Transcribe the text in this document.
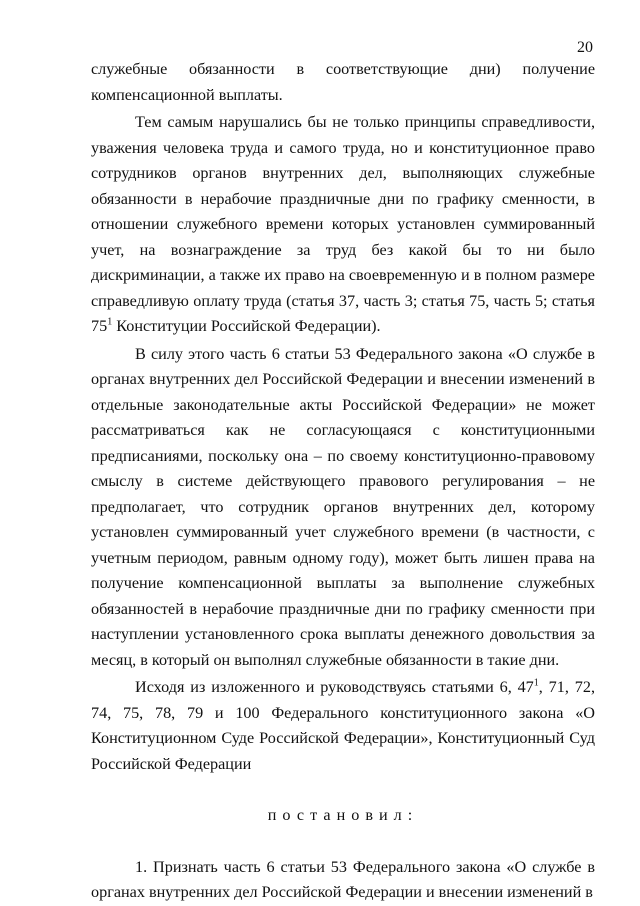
20

служебные обязанности в соответствующие дни) получение компенсационной выплаты.

Тем самым нарушались бы не только принципы справедливости, уважения человека труда и самого труда, но и конституционное право сотрудников органов внутренних дел, выполняющих служебные обязанности в нерабочие праздничные дни по графику сменности, в отношении служебного времени которых установлен суммированный учет, на вознаграждение за труд без какой бы то ни было дискриминации, а также их право на своевременную и в полном размере справедливую оплату труда (статья 37, часть 3; статья 75, часть 5; статья $75^1$ Конституции Российской Федерации).

В силу этого часть 6 статьи 53 Федерального закона «О службе в органах внутренних дел Российской Федерации и внесении изменений в отдельные законодательные акты Российской Федерации» не может рассматриваться как не согласующаяся с конституционными предписаниями, поскольку она – по своему конституционно-правовому смыслу в системе действующего правового регулирования – не предполагает, что сотрудник органов внутренних дел, которому установлен суммированный учет служебного времени (в частности, с учетным периодом, равным одному году), может быть лишен права на получение компенсационной выплаты за выполнение служебных обязанностей в нерабочие праздничные дни по графику сменности при наступлении установленного срока выплаты денежного довольствия за месяц, в который он выполнял служебные обязанности в такие дни.

Исходя из изложенного и руководствуясь статьями 6, $47^1$, 71, 72, 74, 75, 78, 79 и 100 Федерального конституционного закона «О Конституционном Суде Российской Федерации», Конституционный Суд Российской Федерации

постановил:

1. Признать часть 6 статьи 53 Федерального закона «О службе в органах внутренних дел Российской Федерации и внесении изменений в
